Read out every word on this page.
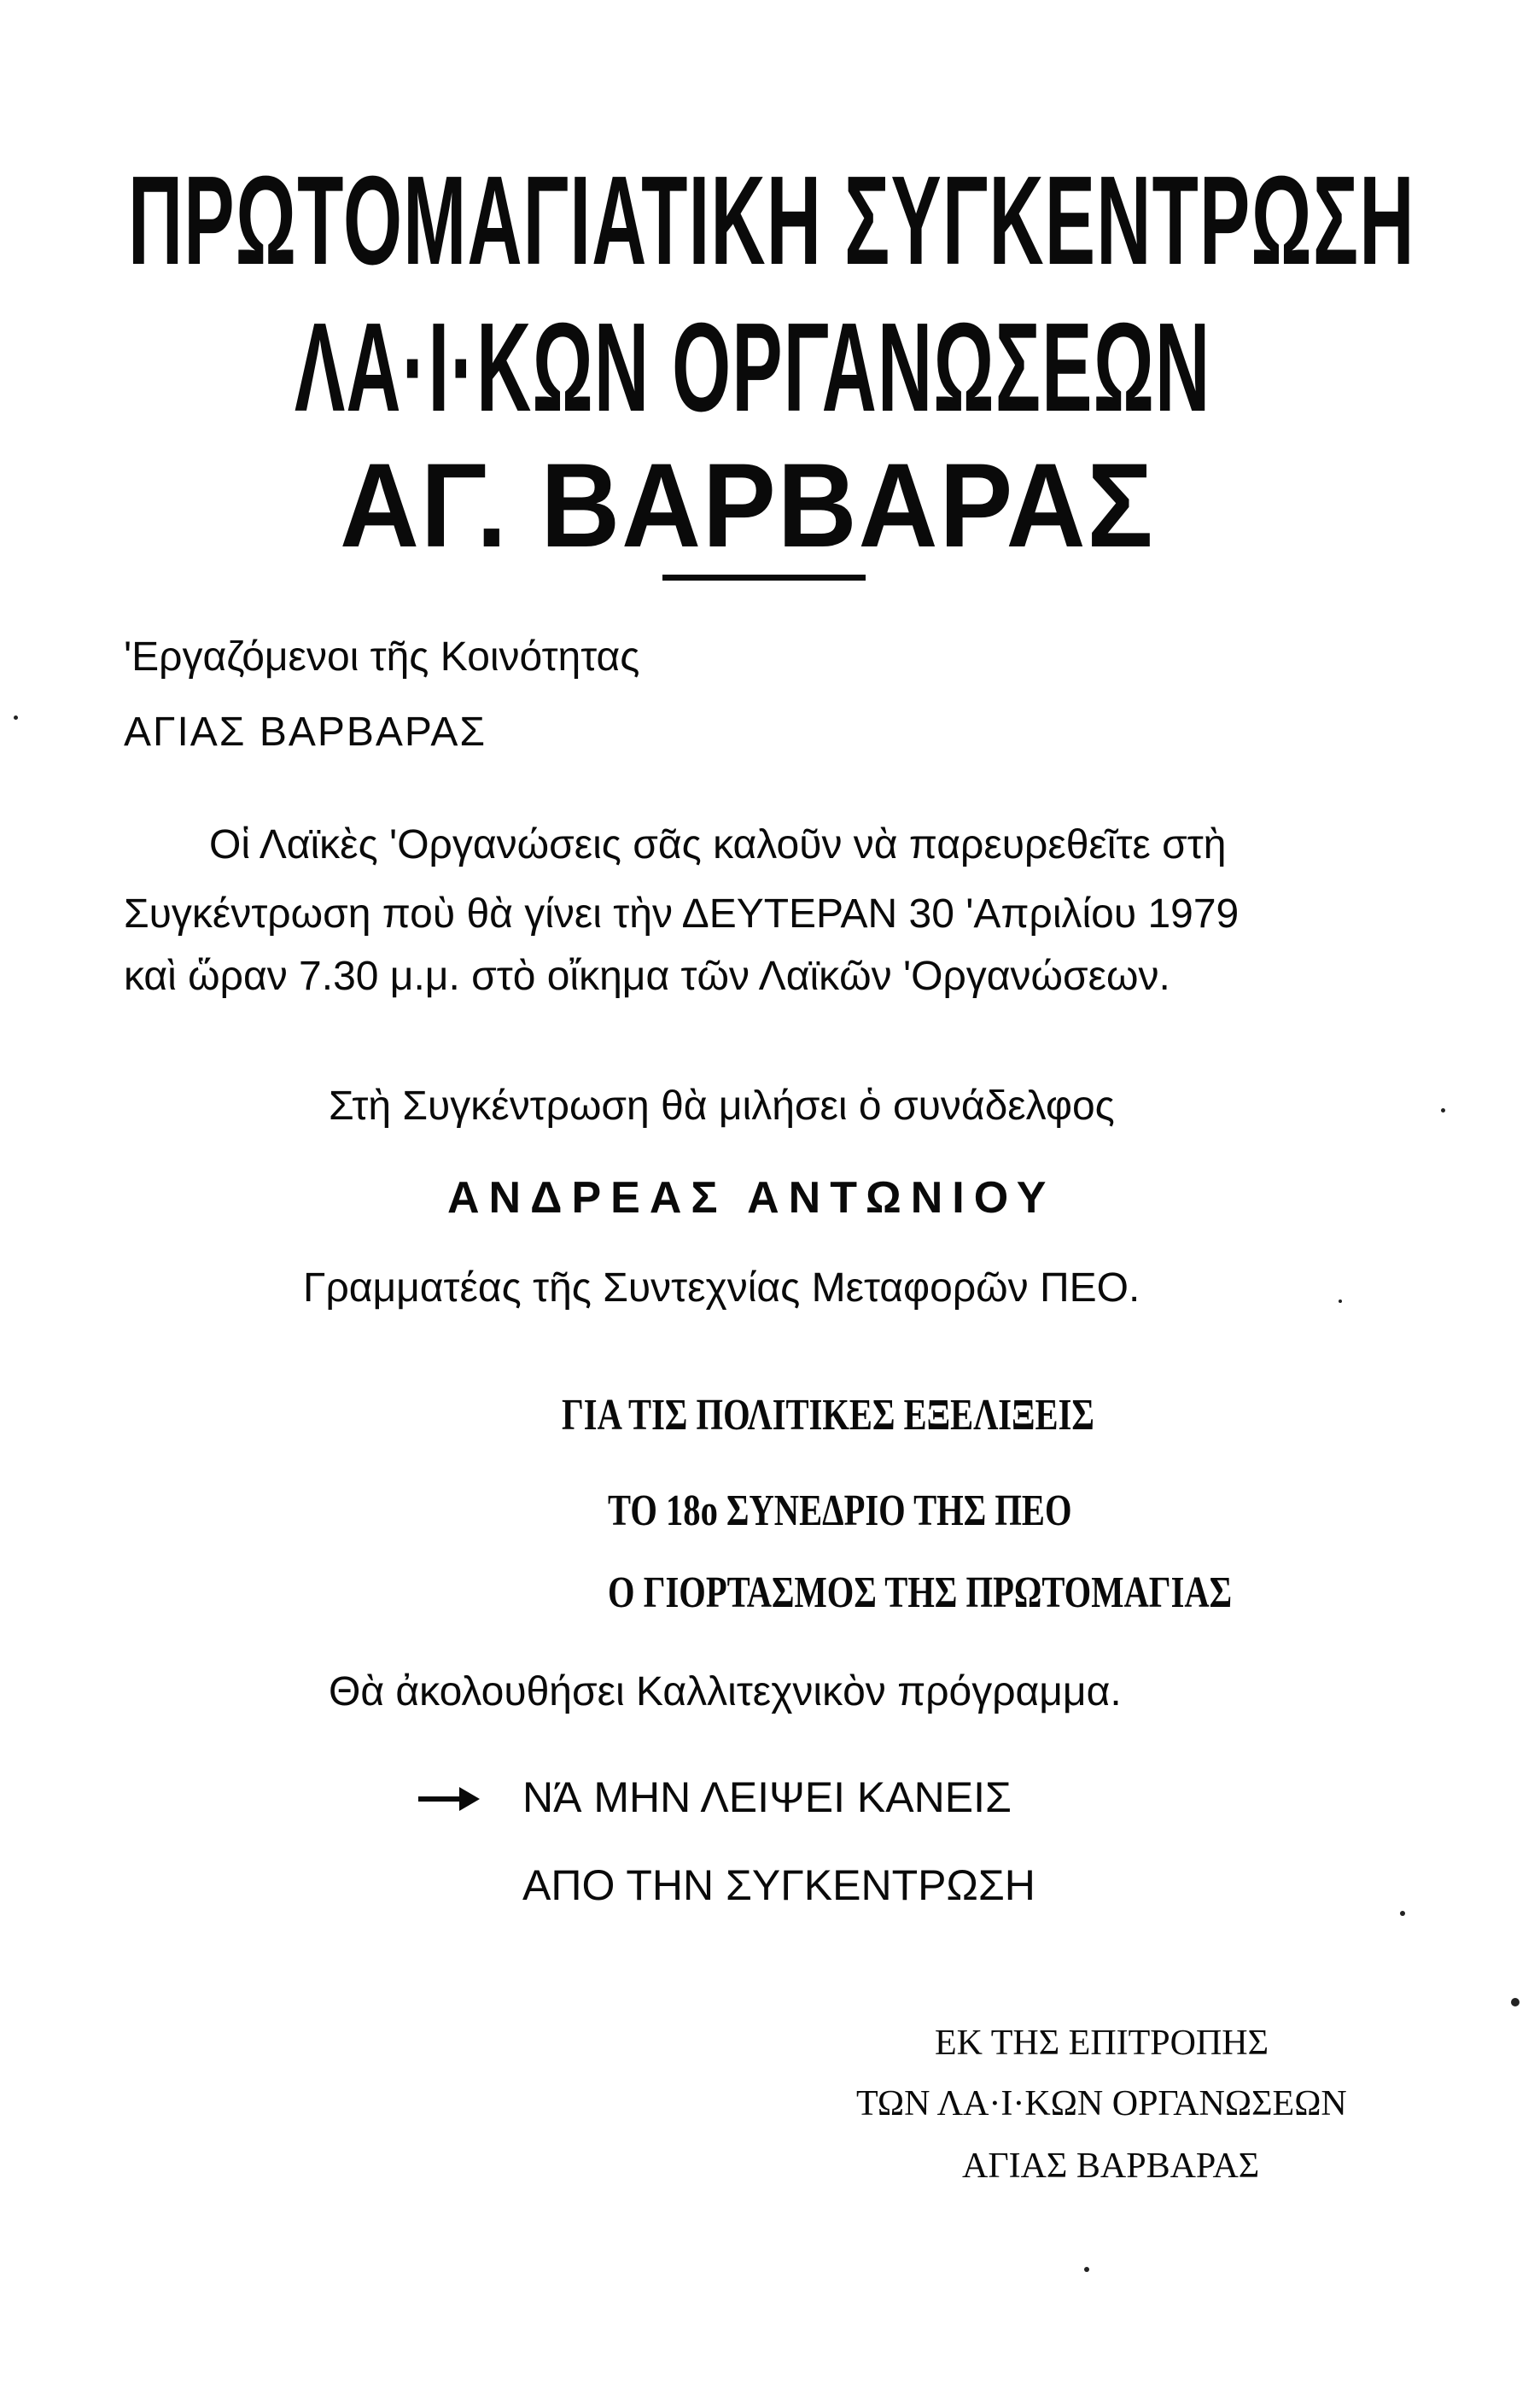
ΠΡΩΤΟΜΑΓΙΑΤΙΚΗ ΣΥΓΚΕΝΤΡΩΣΗ
ΛΑ·Ι·ΚΩΝ ΟΡΓΑΝΩΣΕΩΝ
ΑΓ. ΒΑΡΒΑΡΑΣ
'Εργαζόμενοι τῆς Κοινότητας
ΑΓΙΑΣ ΒΑΡΒΑΡΑΣ
Οἱ Λαϊκὲς 'Οργανώσεις σᾶς καλοῦν νὰ παρευρεθεῖτε στὴ
Συγκέντρωση ποὺ θὰ γίνει τὴν ΔΕΥΤΕΡΑΝ 30 'Απριλίου 1979
καὶ ὥραν 7.30 μ.μ. στὸ οἴκημα τῶν Λαϊκῶν 'Οργανώσεων.
Στὴ Συγκέντρωση θὰ μιλήσει ὁ συνάδελφος
ΑΝΔΡΕΑΣ ΑΝΤΩΝΙΟΥ
Γραμματέας τῆς Συντεχνίας Μεταφορῶν ΠΕΟ.
ΓΙΑ ΤΙΣ ΠΟΛΙΤΙΚΕΣ ΕΞΕΛΙΞΕΙΣ
ΤΟ 18ο ΣΥΝΕΔΡΙΟ ΤΗΣ ΠΕΟ
Ο ΓΙΟΡΤΑΣΜΟΣ ΤΗΣ ΠΡΩΤΟΜΑΓΙΑΣ
Θὰ ἀκολουθήσει Καλλιτεχνικὸν πρόγραμμα.
ΝΆ ΜΗΝ ΛΕΙΨΕΙ ΚΑΝΕΙΣ
ΑΠΟ ΤΗΝ ΣΥΓΚΕΝΤΡΩΣΗ
ΕΚ ΤΗΣ ΕΠΙΤΡΟΠΗΣ
ΤΩΝ ΛΑ·Ι·ΚΩΝ ΟΡΓΑΝΩΣΕΩΝ
ΑΓΙΑΣ ΒΑΡΒΑΡΑΣ
